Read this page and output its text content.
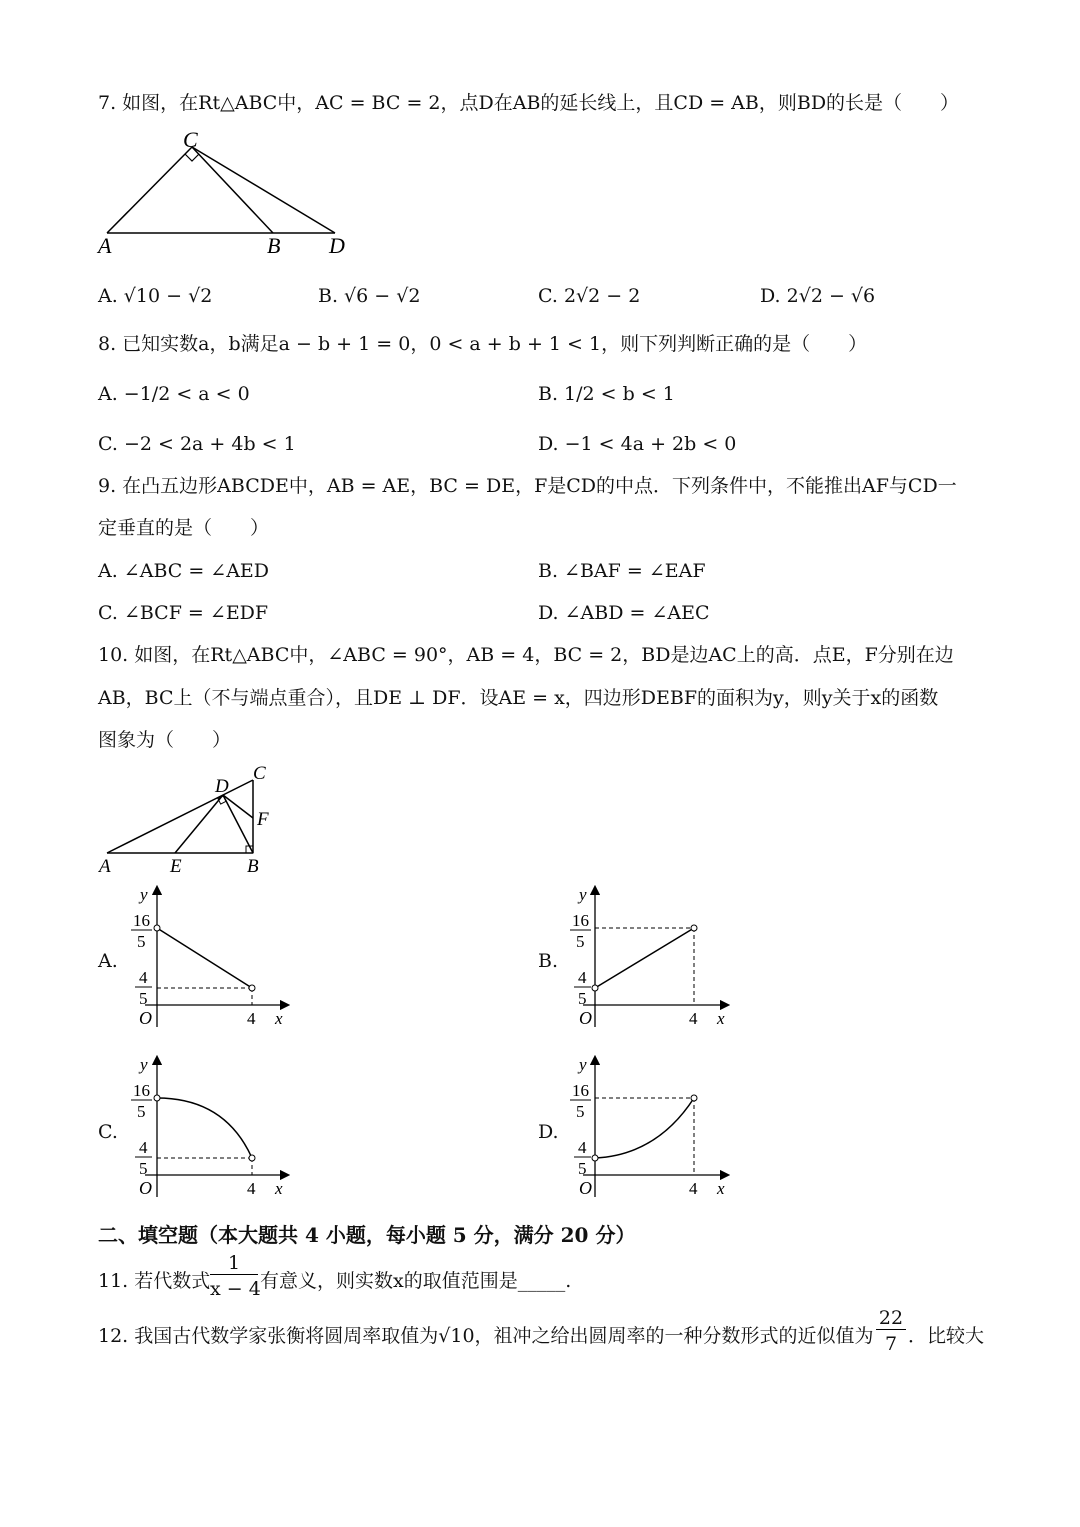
7. 如图，在Rt△ABC中，AC = BC = 2，点D在AB的延长线上，且CD = AB，则BD的长是（　　）
C
A	B D
A. √10 − √2	B. √6 − √2	C. 2√2 − 2	D. 2√2 − √6
8. 已知实数a，b满足a − b + 1 = 0，0 < a + b + 1 < 1，则下列判断正确的是（　　）
A. −1/2 < a < 0	B. 1/2 < b < 1
C. −2 < 2a + 4b < 1	D. −1 < 4a + 2b < 0
9. 在凸五边形ABCDE中，AB = AE，BC = DE，F是CD的中点．下列条件中，不能推出AF与CD一
定垂直的是（　　）
A. ∠ABC = ∠AED	B. ∠BAF = ∠EAF
C. ∠BCF = ∠EDF	D. ∠ABD = ∠AEC
10. 如图，在Rt△ABC中，∠ABC = 90°，AB = 4，BC = 2，BD是边AC上的高．点E，F分别在边
AB，BC上（不与端点重合），且DE ⊥ DF．设AE = x，四边形DEBF的面积为y，则y关于x的函数
图象为（　　）
D
C
F
A	E	B
A.	B.
C.	D.
y
16
5
4
5
O	4 x
y
16
5
4
5
O	4 x
y
16
5
4
5
O	4 x
y
16
5
4
5
O	4 x
二、填空题（本大题共 4 小题，每小题 5 分，满分 20 分）
11. 若代数式
1
x − 4 有意义，则实数x的取值范围是_____.
12. 我国古代数学家张衡将圆周率取值为√10，祖冲之给出圆周率的一种分数形式的近似值为
22
7 ．比较大
